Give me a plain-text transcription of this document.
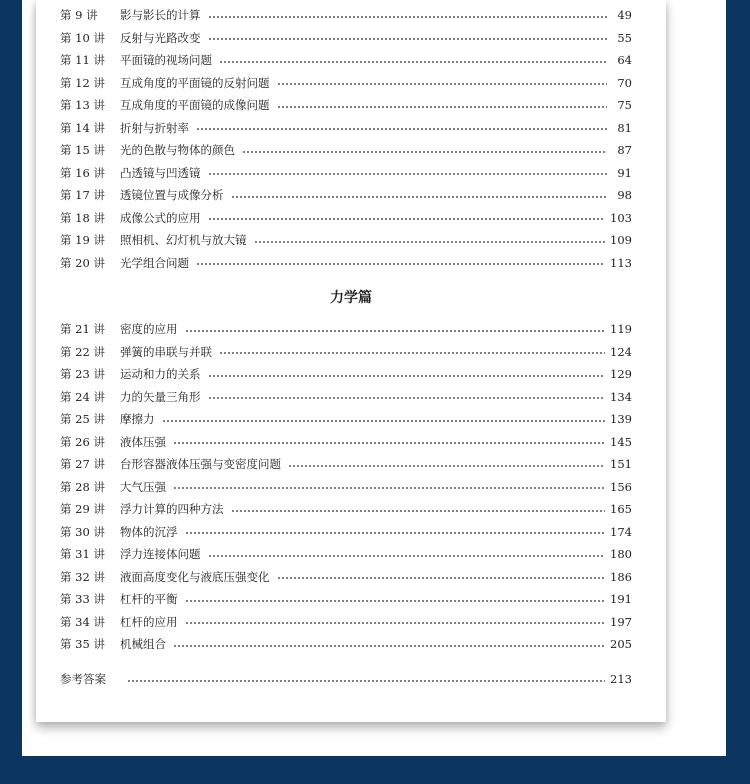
第 9 讲	影与影长的计算	49
第 10 讲	反射与光路改变	55
第 11 讲	平面镜的视场问题	64
第 12 讲	互成角度的平面镜的反射问题	70
第 13 讲	互成角度的平面镜的成像问题	75
第 14 讲	折射与折射率	81
第 15 讲	光的色散与物体的颜色	87
第 16 讲	凸透镜与凹透镜	91
第 17 讲	透镜位置与成像分析	98
第 18 讲	成像公式的应用	103
第 19 讲	照相机、幻灯机与放大镜	109
第 20 讲	光学组合问题	113
力学篇
第 21 讲	密度的应用	119
第 22 讲	弹簧的串联与并联	124
第 23 讲	运动和力的关系	129
第 24 讲	力的矢量三角形	134
第 25 讲	摩擦力	139
第 26 讲	液体压强	145
第 27 讲	台形容器液体压强与变密度问题	151
第 28 讲	大气压强	156
第 29 讲	浮力计算的四种方法	165
第 30 讲	物体的沉浮	174
第 31 讲	浮力连接体问题	180
第 32 讲	液面高度变化与液底压强变化	186
第 33 讲	杠杆的平衡	191
第 34 讲	杠杆的应用	197
第 35 讲	机械组合	205
参考答案	213
